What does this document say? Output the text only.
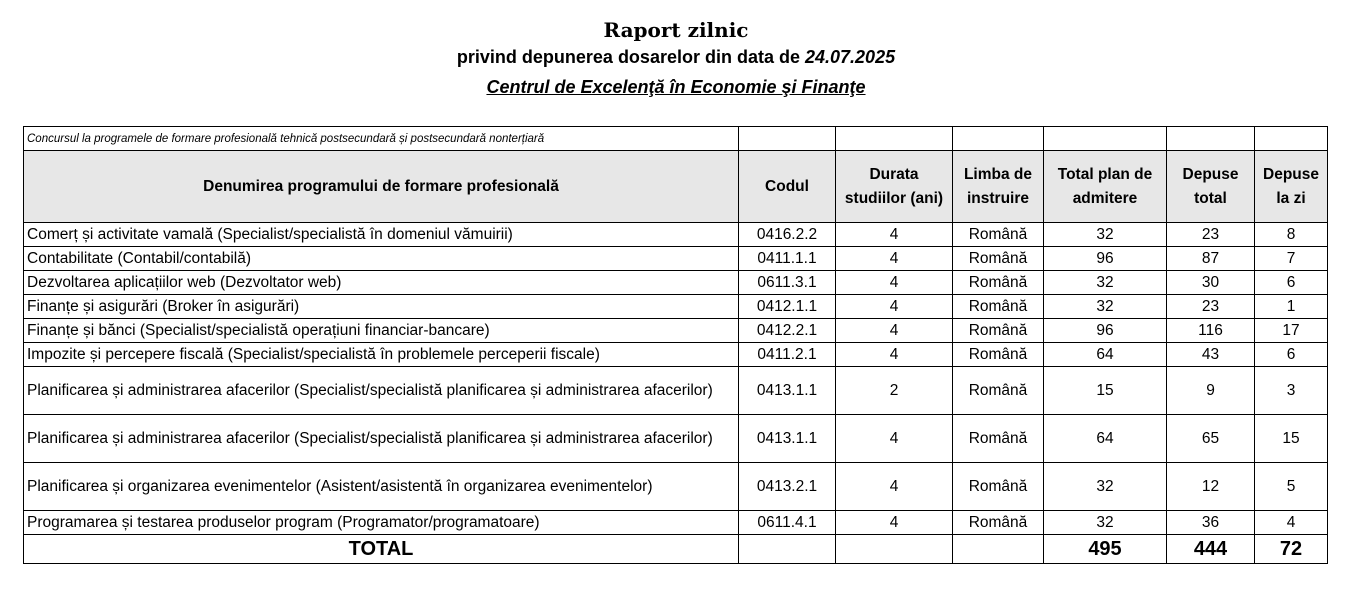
Raport zilnic
privind depunerea dosarelor din data de 24.07.2025
Centrul de Excelenţă în Economie şi Finanţe
Concursul la programele de formare profesională tehnică postsecundară și postsecundară nonterțiară						
Denumirea programului de formare profesională	Codul	Durata studiilor (ani)	Limba de instruire	Total plan de admitere	Depuse total	Depuse la zi
Comerț și activitate vamală (Specialist/specialistă în domeniul vămuirii)	0416.2.2	4	Română	32	23	8
Contabilitate (Contabil/contabilă)	0411.1.1	4	Română	96	87	7
Dezvoltarea aplicațiilor web (Dezvoltator web)	0611.3.1	4	Română	32	30	6
Finanțe și asigurări (Broker în asigurări)	0412.1.1	4	Română	32	23	1
Finanțe și bănci (Specialist/specialistă operațiuni financiar-bancare)	0412.2.1	4	Română	96	116	17
Impozite și percepere fiscală (Specialist/specialistă în problemele perceperii fiscale)	0411.2.1	4	Română	64	43	6
Planificarea și administrarea afacerilor (Specialist/specialistă planificarea și administrarea afacerilor)	0413.1.1	2	Română	15	9	3
Planificarea și administrarea afacerilor (Specialist/specialistă planificarea și administrarea afacerilor)	0413.1.1	4	Română	64	65	15
Planificarea și organizarea evenimentelor (Asistent/asistentă în organizarea evenimentelor)	0413.2.1	4	Română	32	12	5
Programarea și testarea produselor program (Programator/programatoare)	0611.4.1	4	Română	32	36	4
TOTAL				495	444	72
